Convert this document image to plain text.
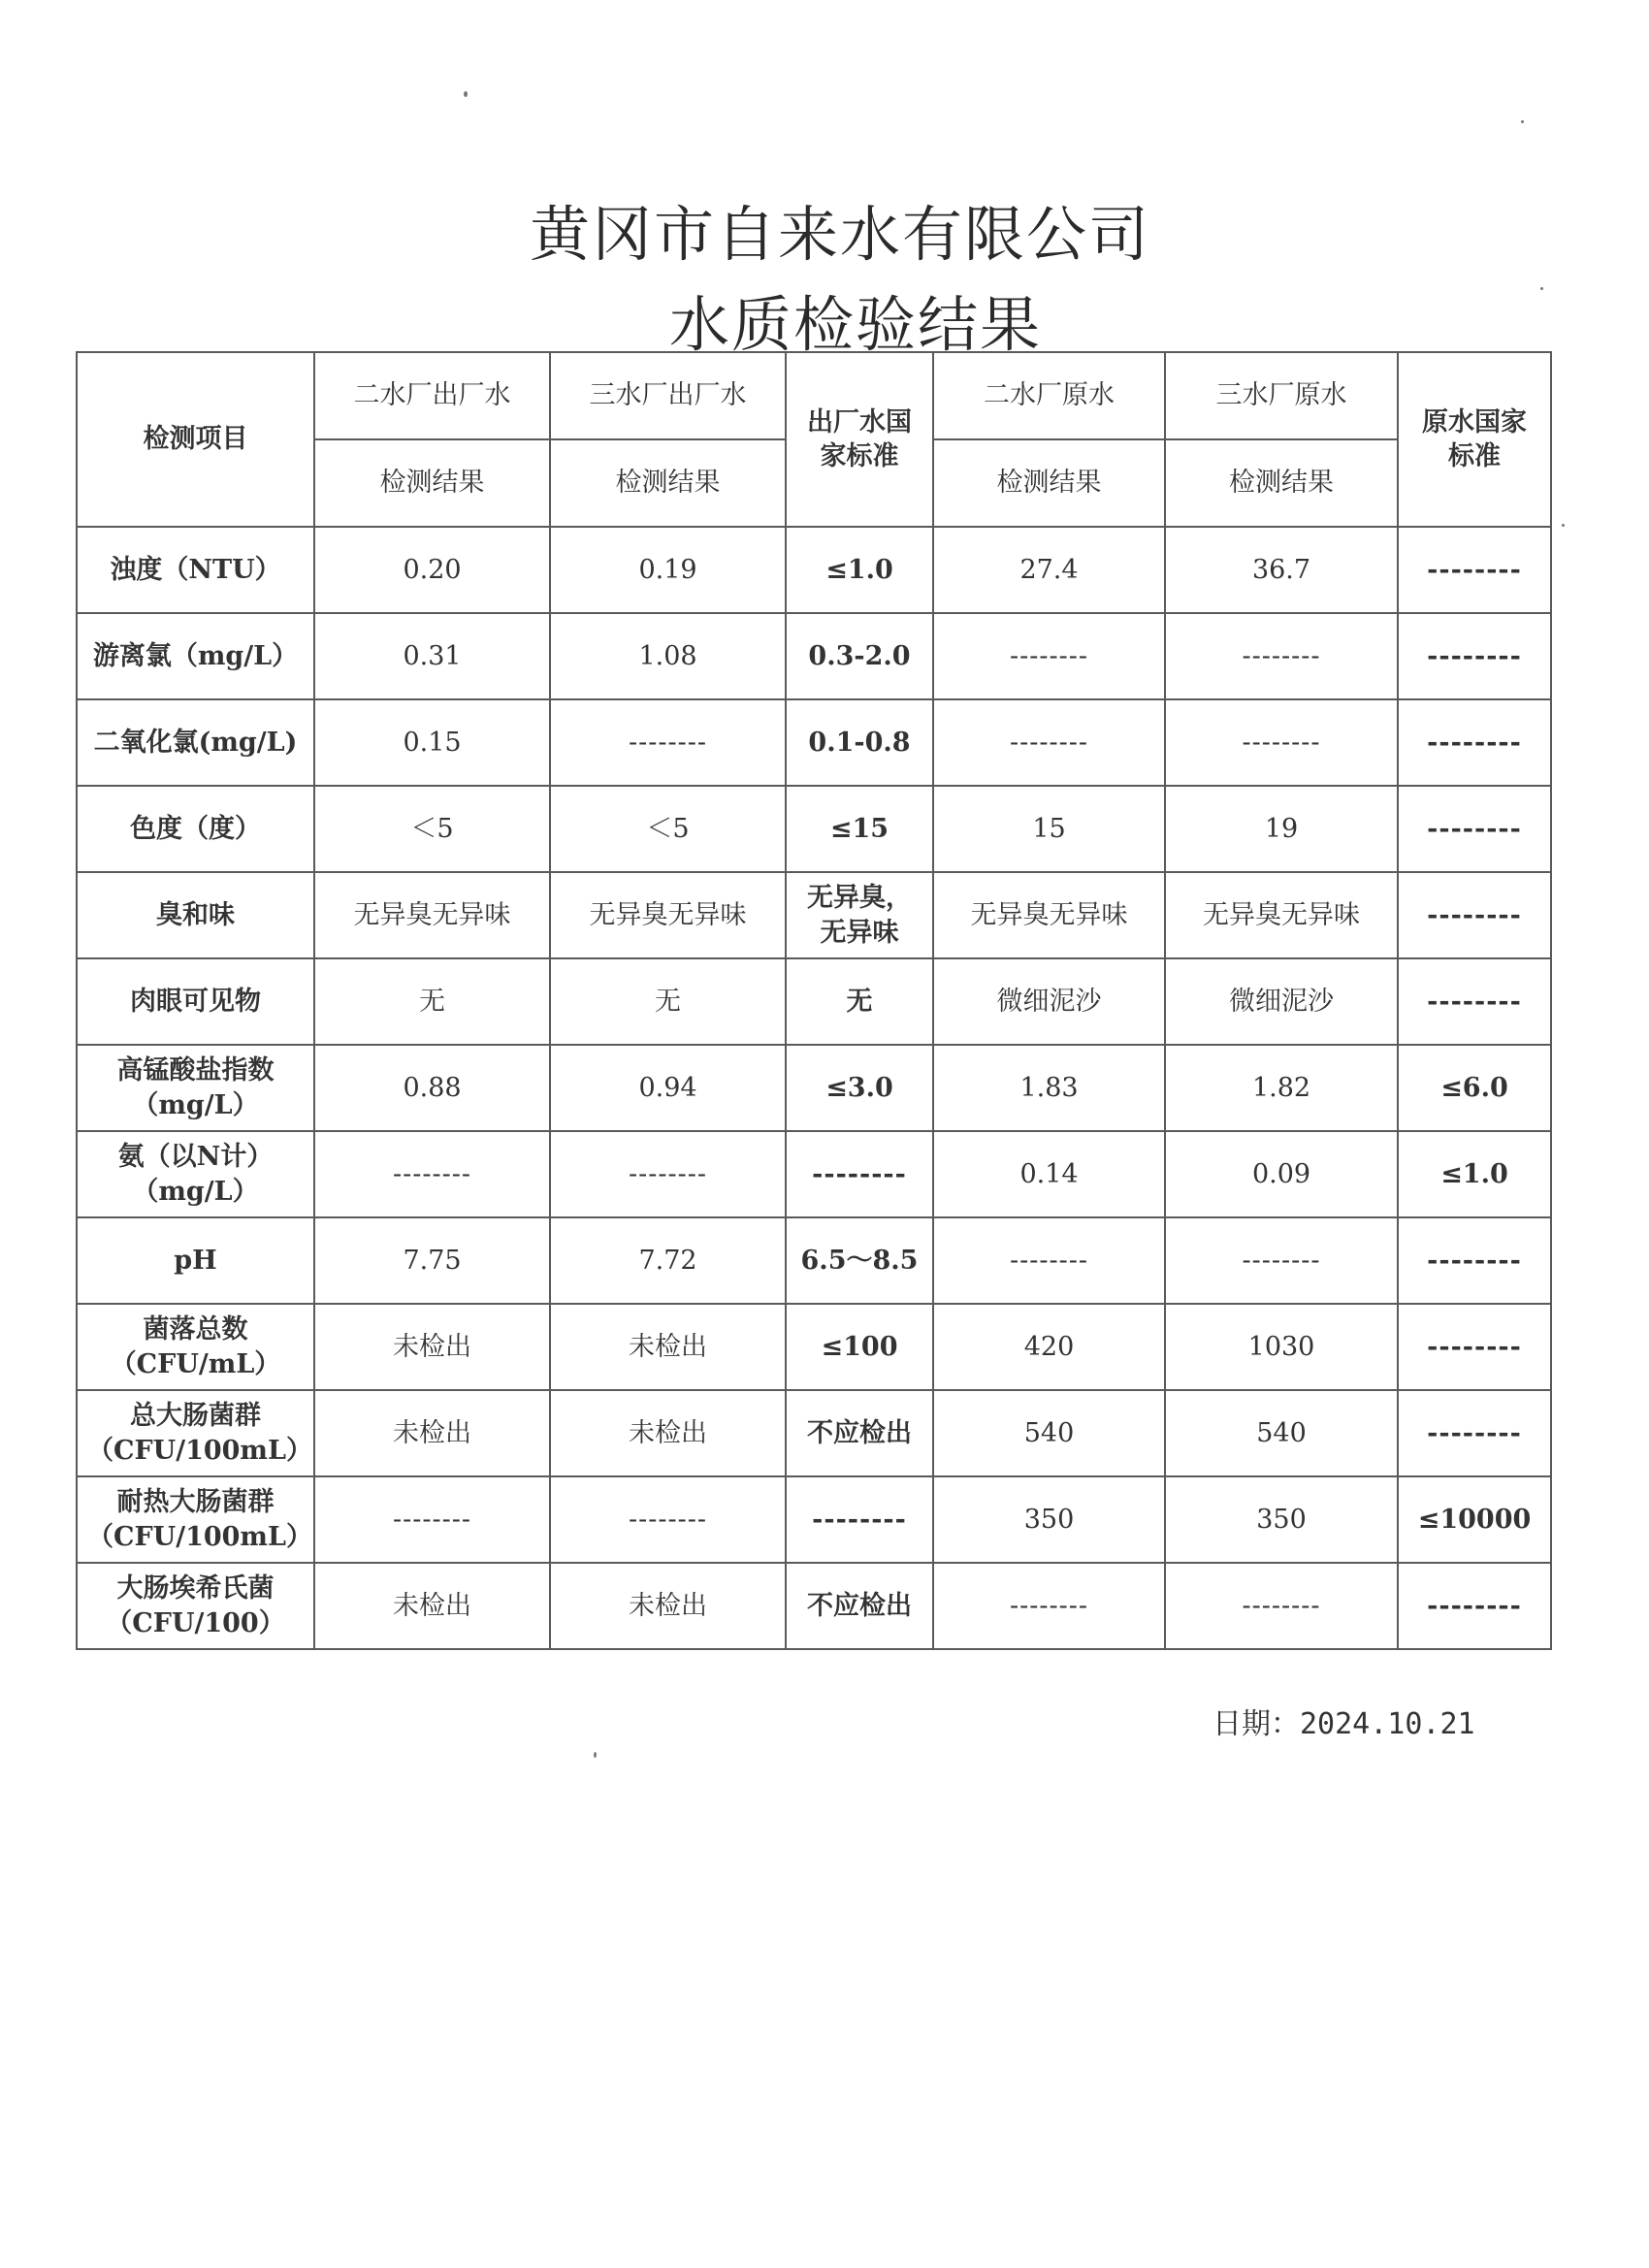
黄冈市自来水有限公司
水质检验结果
检测项目	二水厂出厂水	三水厂出厂水	出厂水国家标准	二水厂原水	三水厂原水	原水国家标准
	检测结果	检测结果		检测结果	检测结果	
浊度（NTU）	0.20	0.19	≤1.0	27.4	36.7	--------
游离氯（mg/L）	0.31	1.08	0.3-2.0	--------	--------	--------
二氧化氯(mg/L)	0.15	--------	0.1-0.8	--------	--------	--------
色度（度）	＜5	＜5	≤15	15	19	--------
臭和味	无异臭无异味	无异臭无异味	无异臭，无异味	无异臭无异味	无异臭无异味	--------
肉眼可见物	无	无	无	微细泥沙	微细泥沙	--------
高锰酸盐指数（mg/L）	0.88	0.94	≤3.0	1.83	1.82	≤6.0
氨（以N计）（mg/L）	--------	--------	--------	0.14	0.09	≤1.0
pH	7.75	7.72	6.5～8.5	--------	--------	--------
菌落总数（CFU/mL）	未检出	未检出	≤100	420	1030	--------
总大肠菌群（CFU/100mL）	未检出	未检出	不应检出	540	540	--------
耐热大肠菌群（CFU/100mL）	--------	--------	--------	350	350	≤10000
大肠埃希氏菌（CFU/100）	未检出	未检出	不应检出	--------	--------	--------
日期：2024.10.21
